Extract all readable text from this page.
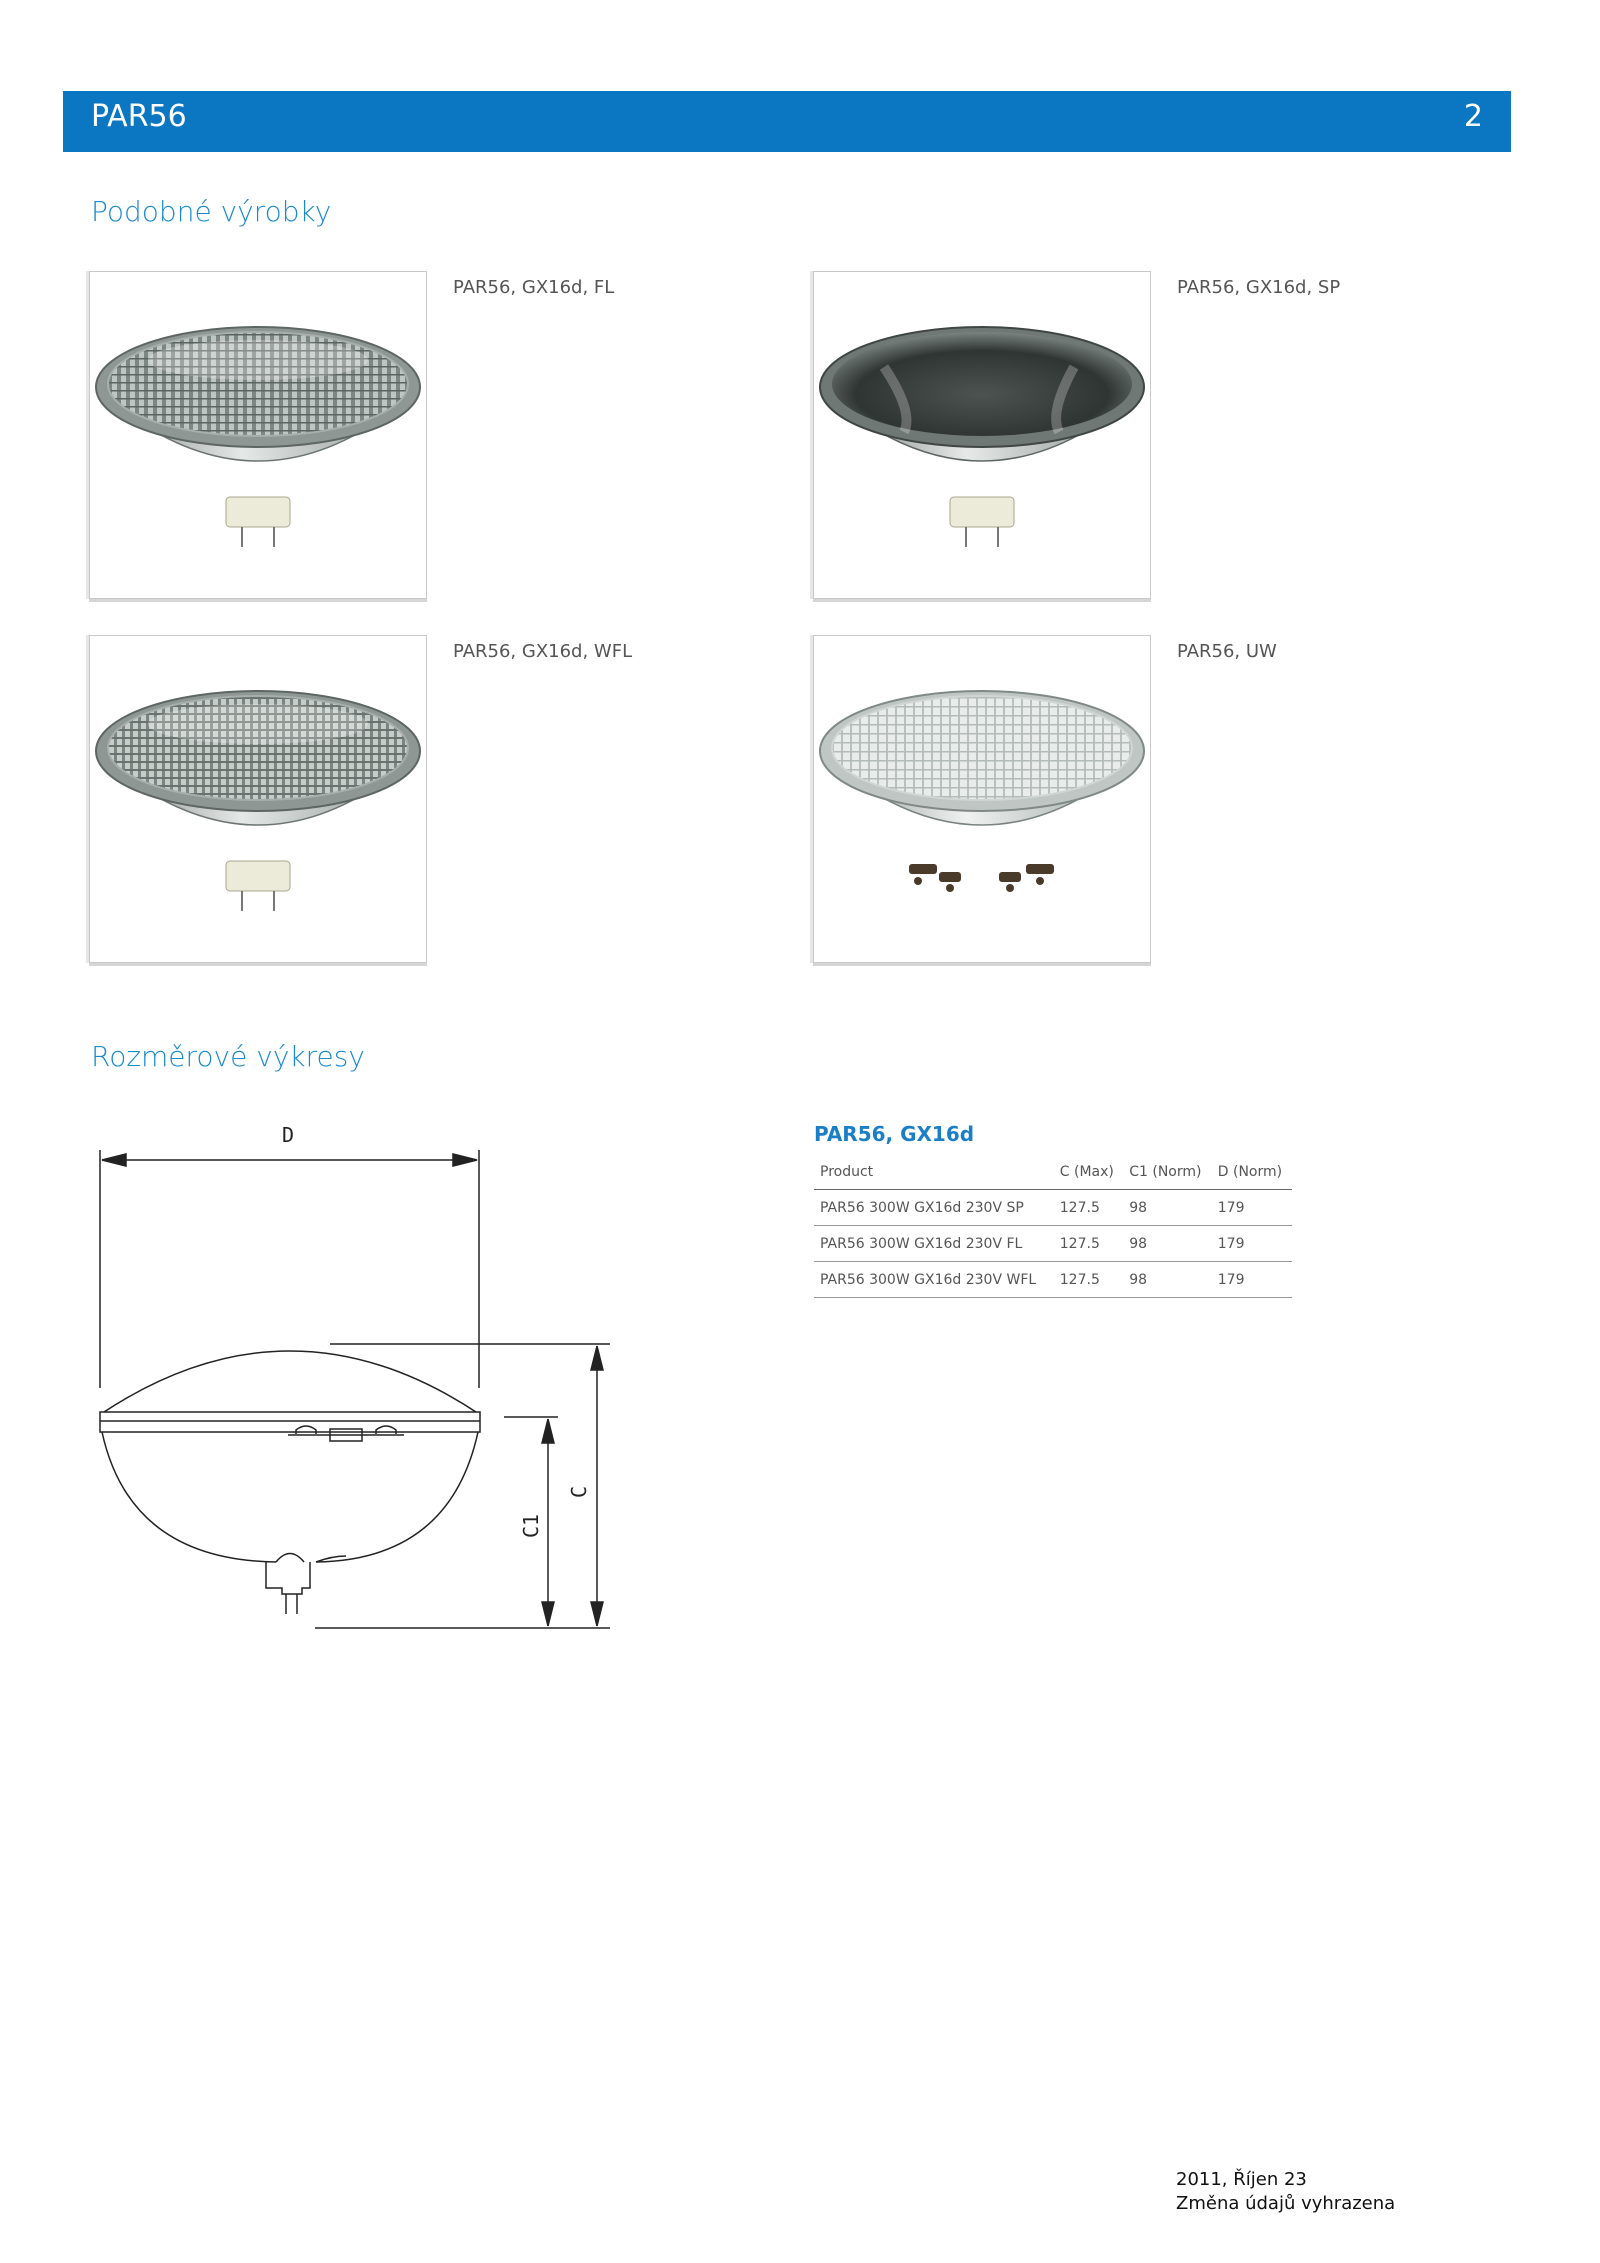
PAR56	2
Podobné výrobky
PAR56, GX16d, FL	PAR56, GX16d, SP
PAR56, GX16d, WFL	PAR56, UW
Rozměrové výkresy
D
C1
C
PAR56, GX16d
Product	C (Max)	C1 (Norm)	D (Norm)
PAR56 300W GX16d 230V SP	127.5	98	179
PAR56 300W GX16d 230V FL	127.5	98	179
PAR56 300W GX16d 230V WFL	127.5	98	179
2011, Říjen 23
Změna údajů vyhrazena
